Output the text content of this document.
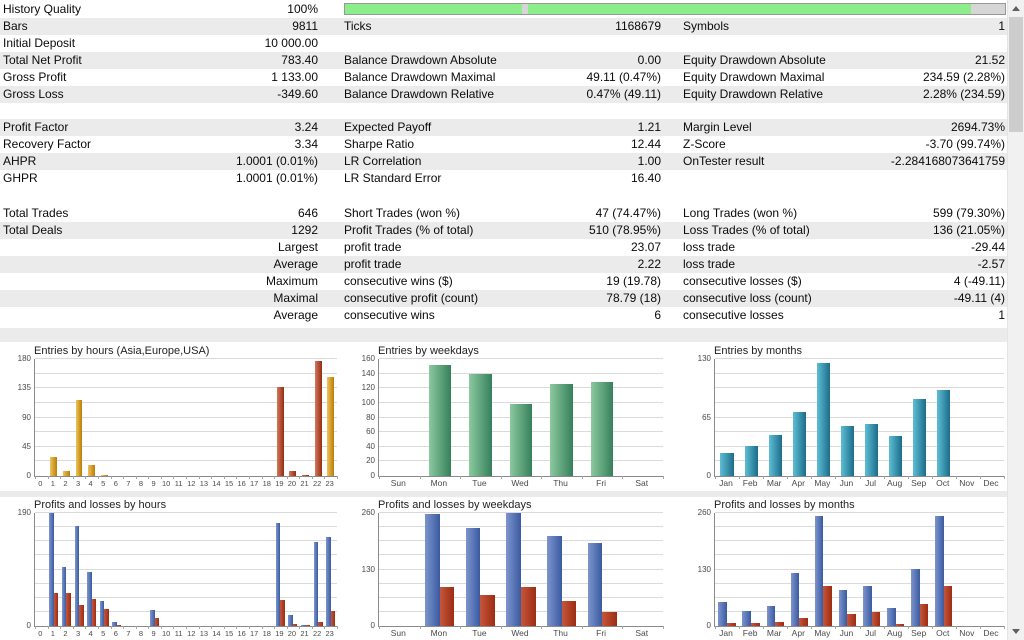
History Quality	100%
Bars	9811 Ticks	1168679 Symbols	1
Initial Deposit	10 000.00
Total Net Profit	783.40 Balance Drawdown Absolute	0.00 Equity Drawdown Absolute	21.52
Gross Profit	1 133.00 Balance Drawdown Maximal	49.11 (0.47%) Equity Drawdown Maximal	234.59 (2.28%)
Gross Loss	-349.60 Balance Drawdown Relative	0.47% (49.11) Equity Drawdown Relative	2.28% (234.59)
Profit Factor	3.24 Expected Payoff	1.21 Margin Level	2694.73%
Recovery Factor	3.34 Sharpe Ratio	12.44 Z-Score	-3.70 (99.74%)
AHPR	1.0001 (0.01%) LR Correlation	1.00 OnTester result	-2.284168073641759
GHPR	1.0001 (0.01%) LR Standard Error	16.40
Total Trades	646 Short Trades (won %)	47 (74.47%) Long Trades (won %)	599 (79.30%)
Total Deals	1292 Profit Trades (% of total)	510 (78.95%) Loss Trades (% of total)	136 (21.05%)
Largest profit trade	23.07 loss trade	-29.44
Average profit trade	2.22 loss trade	-2.57
Maximum consecutive wins ($)	19 (19.78) consecutive losses ($)	4 (-49.11)
Maximal consecutive profit (count)	78.79 (18) consecutive loss (count)	-49.11 (4)
Average consecutive wins	6 consecutive losses	1
Entries by hours (Asia,Europe,USA)
0
45
90
135
180
0	1	2	3	4	5	6	7	8	9 10 11 12 13 14 15 16 17 18 19 20 21 22 23
Entries by weekdays
0
20
40
60
80
100
120
140
160
Sun	Mon	Tue	Wed	Thu	Fri	Sat
Entries by months
0
65
130
Jan	Feb	Mar	Apr	May	Jun	Jul	Aug	Sep	Oct	Nov	Dec
Profits and losses by hours
0
190
0	1	2	3	4	5	6	7	8	9 10 11 12 13 14 15 16 17 18 19 20 21 22 23
Profits and losses by weekdays
0
130
260
Sun	Mon	Tue	Wed	Thu	Fri	Sat
Profits and losses by months
0
130
260
Jan	Feb	Mar	Apr	May	Jun	Jul	Aug	Sep	Oct	Nov	Dec
